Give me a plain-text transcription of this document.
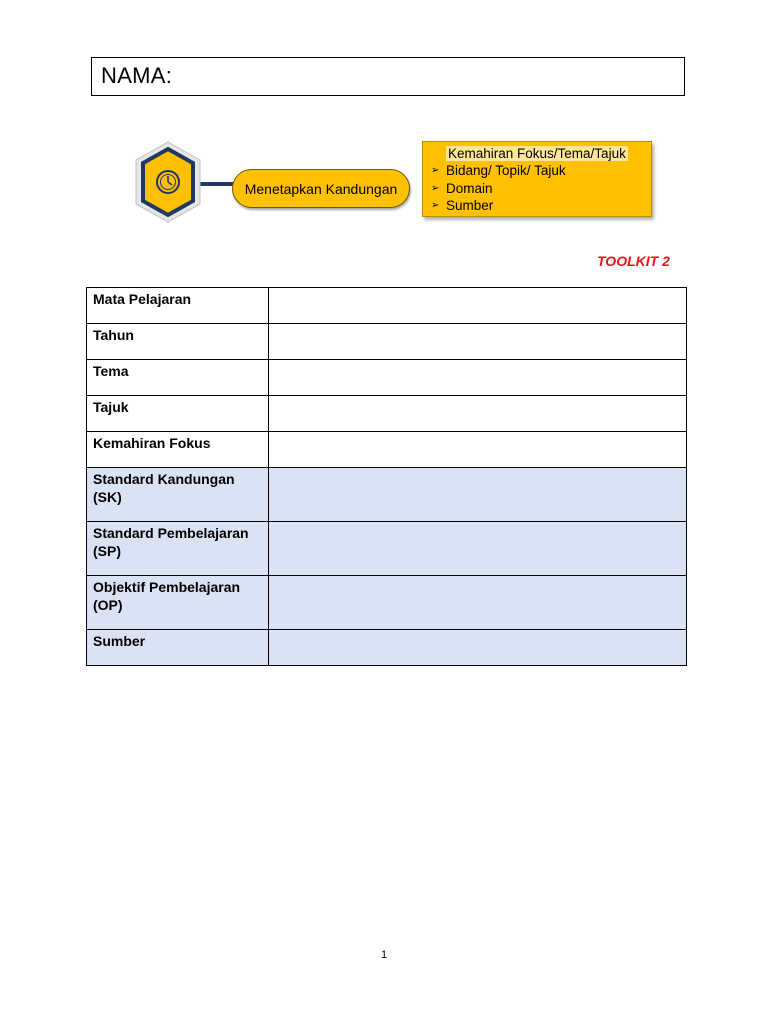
NAMA:
Menetapkan Kandungan
Kemahiran Fokus/Tema/Tajuk
➢ Bidang/ Topik/ Tajuk
➢ Domain
➢ Sumber
TOOLKIT 2
Mata Pelajaran	
Tahun	
Tema	
Tajuk	
Kemahiran Fokus	
Standard Kandungan (SK)	
Standard Pembelajaran (SP)	
Objektif Pembelajaran (OP)	
Sumber	
1
